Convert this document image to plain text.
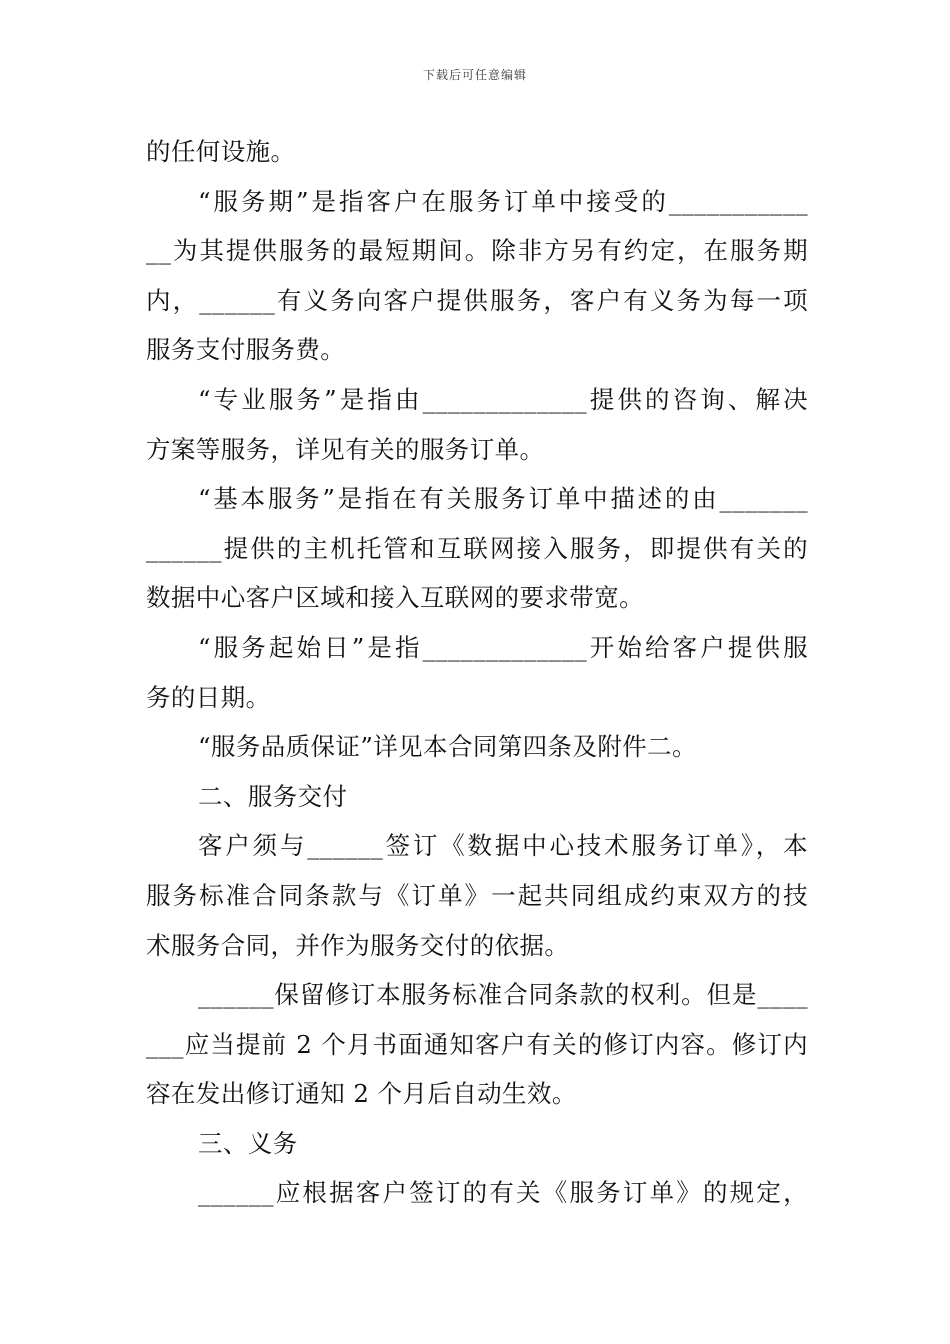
下载后可任意编辑
的任何设施。
“服务期”是指客户在服务订单中接受的___________
__为其提供服务的最短期间。除非方另有约定，在服务期
内，______有义务向客户提供服务，客户有义务为每一项
服务支付服务费。
“专业服务”是指由_____________提供的咨询、解决
方案等服务，详见有关的服务订单。
“基本服务”是指在有关服务订单中描述的由_______
______提供的主机托管和互联网接入服务，即提供有关的
数据中心客户区域和接入互联网的要求带宽。
“服务起始日”是指_____________开始给客户提供服
务的日期。
“服务品质保证”详见本合同第四条及附件二。
二、服务交付
客户须与______签订《数据中心技术服务订单》，本
服务标准合同条款与《订单》一起共同组成约束双方的技
术服务合同，并作为服务交付的依据。
______保留修订本服务标准合同条款的权利。但是____
___应当提前 2 个月书面通知客户有关的修订内容。修订内
容在发出修订通知 2 个月后自动生效。
三、义务
______应根据客户签订的有关《服务订单》的规定，
